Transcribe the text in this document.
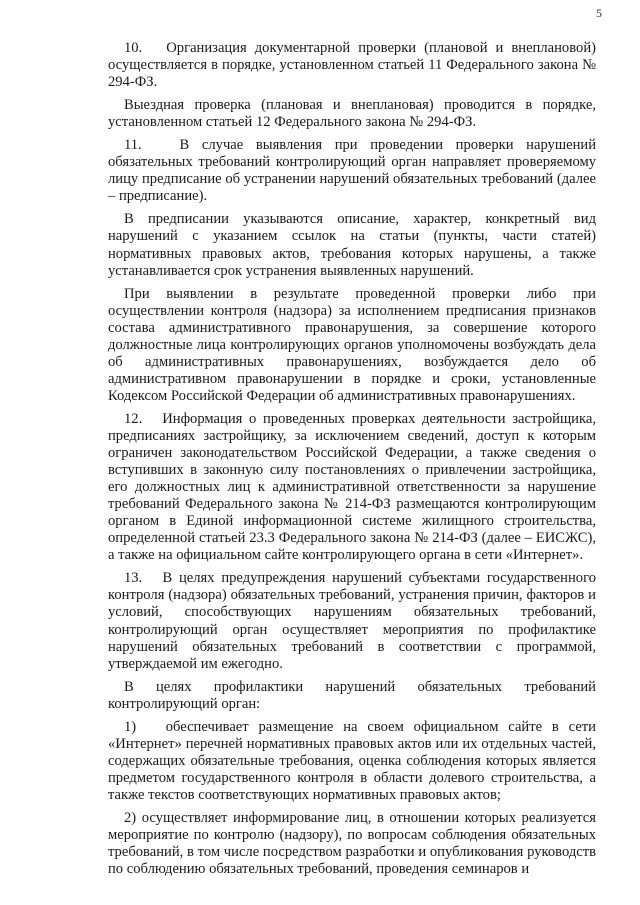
5

10.   Организация документарной проверки (плановой и внеплановой) осуществляется в порядке, установленном статьей 11 Федерального закона № 294-ФЗ.

Выездная проверка (плановая и внеплановая) проводится в порядке, установленном статьей 12 Федерального закона № 294-ФЗ.

11.   В случае выявления при проведении проверки нарушений обязательных требований контролирующий орган направляет проверяемому лицу предписание об устранении нарушений обязательных требований (далее – предписание).

В предписании указываются описание, характер, конкретный вид нарушений с указанием ссылок на статьи (пункты, части статей) нормативных правовых актов, требования которых нарушены, а также устанавливается срок устранения выявленных нарушений.

При выявлении в результате проведенной проверки либо при осуществлении контроля (надзора) за исполнением предписания признаков состава административного правонарушения, за совершение которого должностные лица контролирующих органов уполномочены возбуждать дела об административных правонарушениях, возбуждается дело об административном правонарушении в порядке и сроки, установленные Кодексом Российской Федерации об административных правонарушениях.

12.   Информация о проведенных проверках деятельности застройщика, предписаниях застройщику, за исключением сведений, доступ к которым ограничен законодательством Российской Федерации, а также сведения о вступивших в законную силу постановлениях о привлечении застройщика, его должностных лиц к административной ответственности за нарушение требований Федерального закона № 214-ФЗ размещаются контролирующим органом в Единой информационной системе жилищного строительства, определенной статьей 23.3 Федерального закона № 214-ФЗ (далее – ЕИСЖС), а также на официальном сайте контролирующего органа в сети «Интернет».

13.   В целях предупреждения нарушений субъектами государственного контроля (надзора) обязательных требований, устранения причин, факторов и условий, способствующих нарушениям обязательных требований, контролирующий орган осуществляет мероприятия по профилактике нарушений обязательных требований в соответствии с программой, утверждаемой им ежегодно.

В целях профилактики нарушений обязательных требований контролирующий орган:

1)   обеспечивает размещение на своем официальном сайте в сети «Интернет» перечней нормативных правовых актов или их отдельных частей, содержащих обязательные требования, оценка соблюдения которых является предметом государственного контроля в области долевого строительства, а также текстов соответствующих нормативных правовых актов;

2) осуществляет информирование лиц, в отношении которых реализуется мероприятие по контролю (надзору), по вопросам соблюдения обязательных требований, в том числе посредством разработки и опубликования руководств по соблюдению обязательных требований, проведения семинаров и
